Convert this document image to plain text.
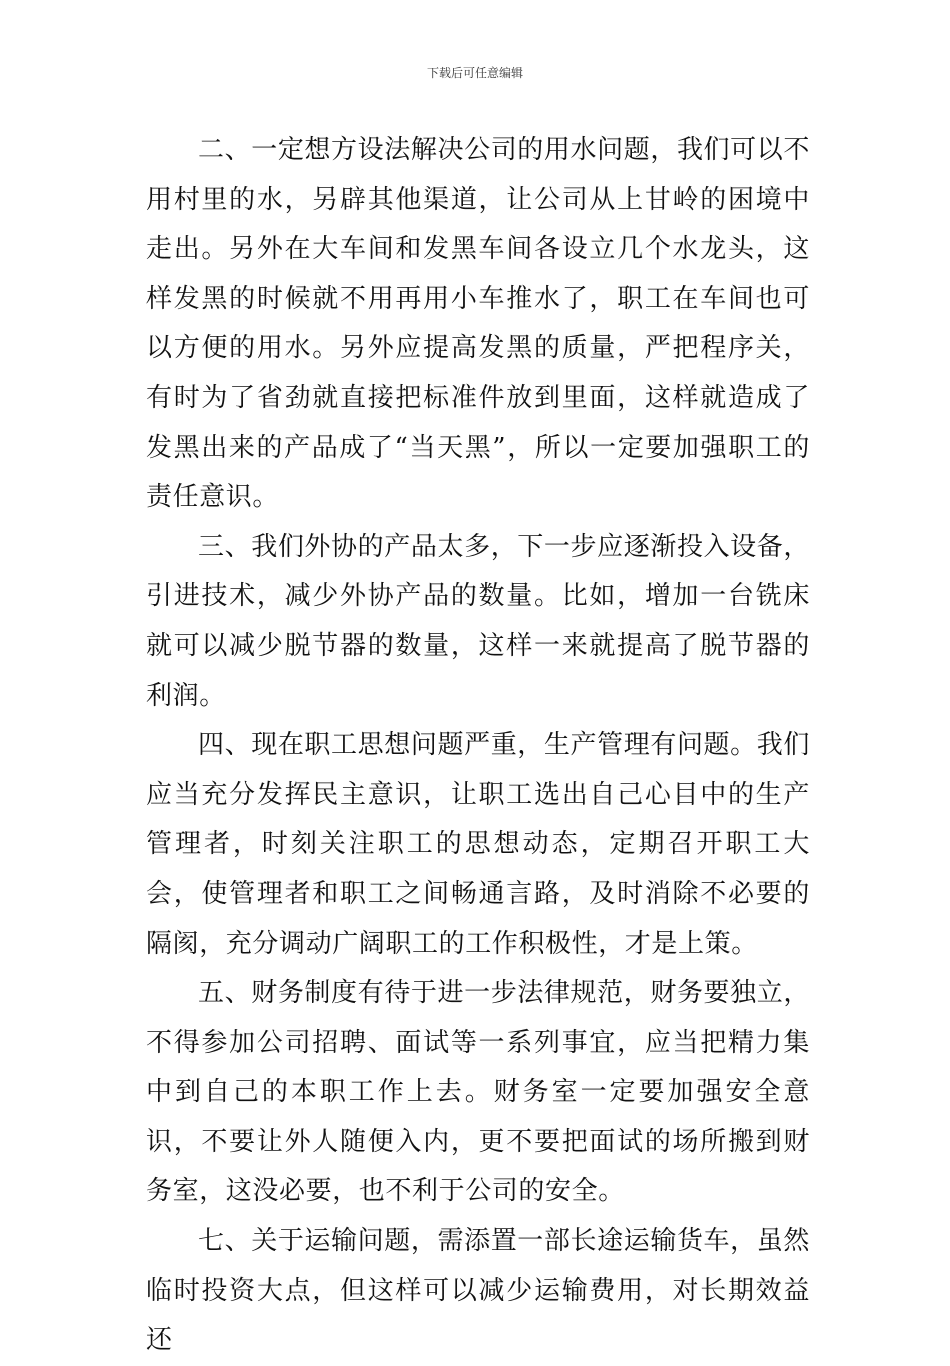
下载后可任意编辑

二、一定想方设法解决公司的用水问题，我们可以不用村里的水，另辟其他渠道，让公司从上甘岭的困境中走出。另外在大车间和发黑车间各设立几个水龙头，这样发黑的时候就不用再用小车推水了，职工在车间也可以方便的用水。另外应提高发黑的质量，严把程序关，有时为了省劲就直接把标准件放到里面，这样就造成了发黑出来的产品成了“当天黑”，所以一定要加强职工的责任意识。

三、我们外协的产品太多，下一步应逐渐投入设备，引进技术，减少外协产品的数量。比如，增加一台铣床就可以减少脱节器的数量，这样一来就提高了脱节器的利润。

四、现在职工思想问题严重，生产管理有问题。我们应当充分发挥民主意识，让职工选出自己心目中的生产管理者，时刻关注职工的思想动态，定期召开职工大会，使管理者和职工之间畅通言路，及时消除不必要的隔阂，充分调动广阔职工的工作积极性，才是上策。

五、财务制度有待于进一步法律规范，财务要独立，不得参加公司招聘、面试等一系列事宜，应当把精力集中到自己的本职工作上去。财务室一定要加强安全意识，不要让外人随便入内，更不要把面试的场所搬到财务室，这没必要，也不利于公司的安全。

七、关于运输问题，需添置一部长途运输货车，虽然临时投资大点，但这样可以减少运输费用，对长期效益还
